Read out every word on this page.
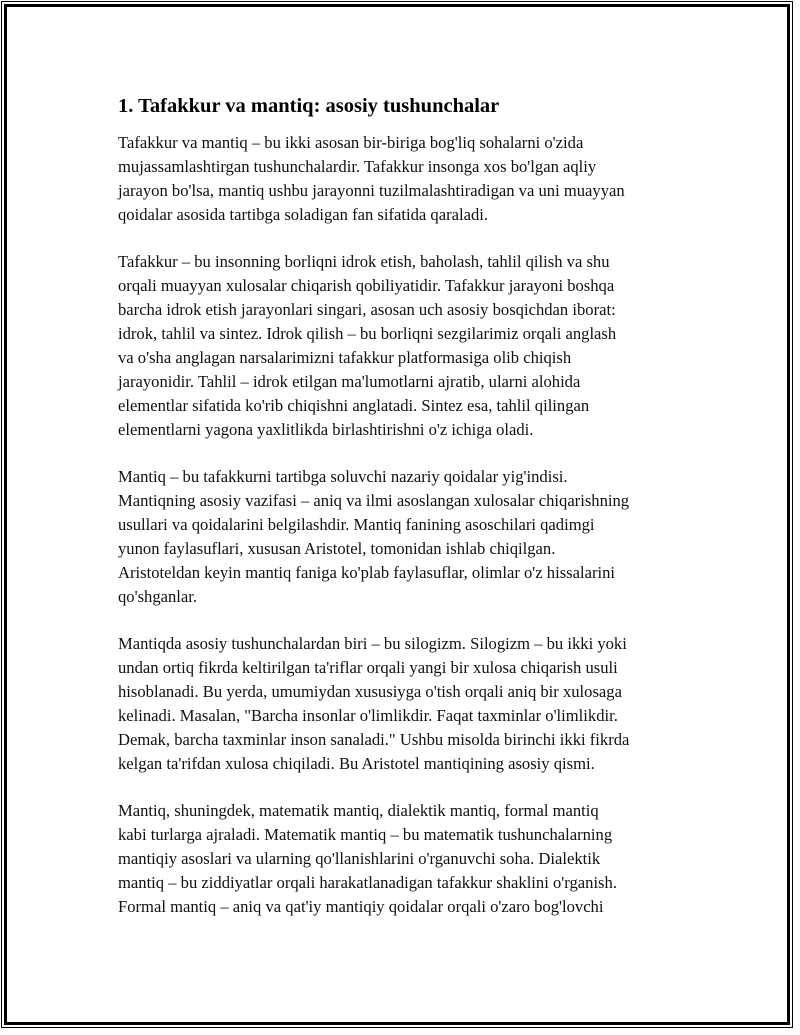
1. Tafakkur va mantiq: asosiy tushunchalar

Tafakkur va mantiq – bu ikki asosan bir-biriga bog'liq sohalarni o'zida
mujassamlashtirgan tushunchalardir. Tafakkur insonga xos bo'lgan aqliy
jarayon bo'lsa, mantiq ushbu jarayonni tuzilmalashtiradigan va uni muayyan
qoidalar asosida tartibga soladigan fan sifatida qaraladi.

Tafakkur – bu insonning borliqni idrok etish, baholash, tahlil qilish va shu
orqali muayyan xulosalar chiqarish qobiliyatidir. Tafakkur jarayoni boshqa
barcha idrok etish jarayonlari singari, asosan uch asosiy bosqichdan iborat:
idrok, tahlil va sintez. Idrok qilish – bu borliqni sezgilarimiz orqali anglash
va o'sha anglagan narsalarimizni tafakkur platformasiga olib chiqish
jarayonidir. Tahlil – idrok etilgan ma'lumotlarni ajratib, ularni alohida
elementlar sifatida ko'rib chiqishni anglatadi. Sintez esa, tahlil qilingan
elementlarni yagona yaxlitlikda birlashtirishni o'z ichiga oladi.

Mantiq – bu tafakkurni tartibga soluvchi nazariy qoidalar yig'indisi.
Mantiqning asosiy vazifasi – aniq va ilmi asoslangan xulosalar chiqarishning
usullari va qoidalarini belgilashdir. Mantiq fanining asoschilari qadimgi
yunon faylasuflari, xususan Aristotel, tomonidan ishlab chiqilgan.
Aristoteldan keyin mantiq faniga ko'plab faylasuflar, olimlar o'z hissalarini
qo'shganlar.

Mantiqda asosiy tushunchalardan biri – bu silogizm. Silogizm – bu ikki yoki
undan ortiq fikrda keltirilgan ta'riflar orqali yangi bir xulosa chiqarish usuli
hisoblanadi. Bu yerda, umumiydan xususiyga o'tish orqali aniq bir xulosaga
kelinadi. Masalan, "Barcha insonlar o'limlikdir. Faqat taxminlar o'limlikdir.
Demak, barcha taxminlar inson sanaladi." Ushbu misolda birinchi ikki fikrda
kelgan ta'rifdan xulosa chiqiladi. Bu Aristotel mantiqining asosiy qismi.

Mantiq, shuningdek, matematik mantiq, dialektik mantiq, formal mantiq
kabi turlarga ajraladi. Matematik mantiq – bu matematik tushunchalarning
mantiqiy asoslari va ularning qo'llanishlarini o'rganuvchi soha. Dialektik
mantiq – bu ziddiyatlar orqali harakatlanadigan tafakkur shaklini o'rganish.
Formal mantiq – aniq va qat'iy mantiqiy qoidalar orqali o'zaro bog'lovchi
